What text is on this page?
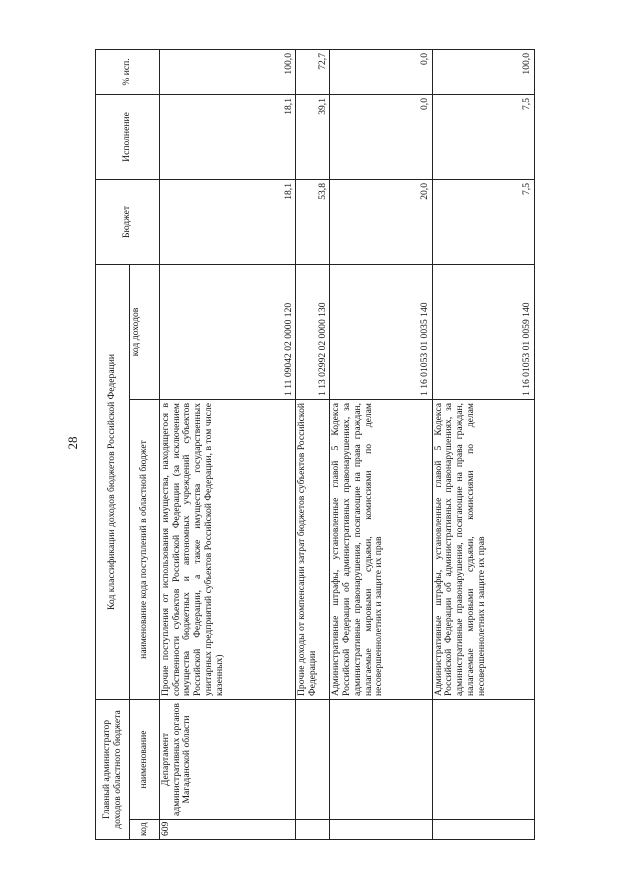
28
Главный администратор доходов областного бюджета		Код классификации доходов бюджетов Российской Федерации		Бюджет	Исполнение	% исп.
код	наименование	наименование кода поступлений в областной бюджет	код доходов			
609	Департамент административных органов Магаданской области	Прочие поступления от использования имущества, находящегося в собственности субъектов Российской Федерации (за исключением имущества бюджетных и автономных учреждений субъектов Российской Федерации, а также имущества государственных унитарных предприятий субъектов Российской Федерации, в том числе казенных)	1 11 09042 02 0000 120	18,1	18,1	100,0
		Прочие доходы от компенсации затрат бюджетов субъектов Российской Федерации	1 13 02992 02 0000 130	53,8	39,1	72,7
		Административные штрафы, установленные главой 5 Кодекса Российской Федерации об административных правонарушениях, за административные правонарушения, посягающие на права граждан, налагаемые мировыми судьями, комиссиями по делам несовершеннолетних и защите их прав	1 16 01053 01 0035 140	20,0	0,0	0,0
		Административные штрафы, установленные главой 5 Кодекса Российской Федерации об административных правонарушениях, за административные правонарушения, посягающие на права граждан, налагаемые мировыми судьями, комиссиями по делам несовершеннолетних и защите их прав	1 16 01053 01 0059 140	7,5	7,5	100,0
